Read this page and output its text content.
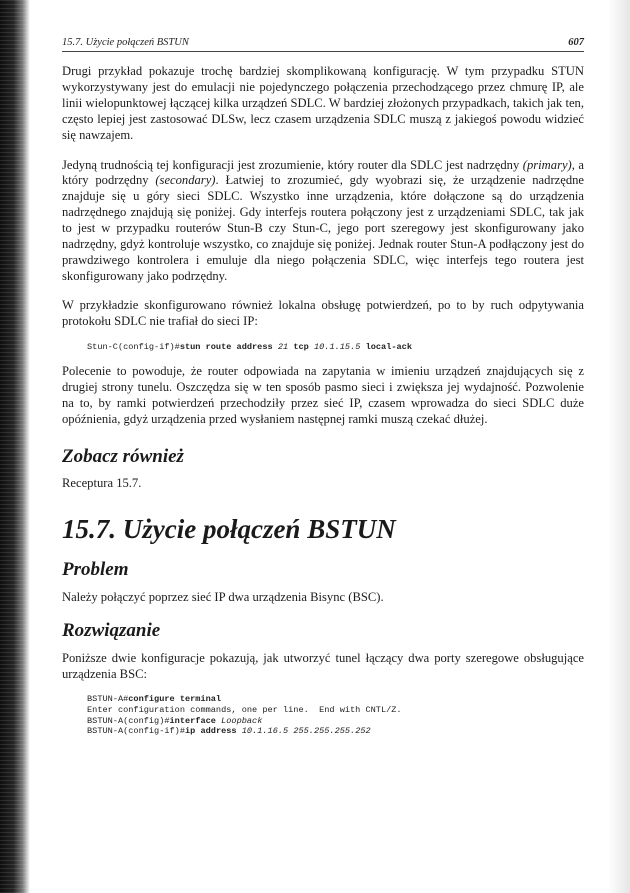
15.7. Użycie połączeń BSTUN	607

Drugi przykład pokazuje trochę bardziej skomplikowaną konfigurację. W tym przypadku STUN wykorzystywany jest do emulacji nie pojedynczego połączenia przechodzącego przez chmurę IP, ale linii wielopunktowej łączącej kilka urządzeń SDLC. W bardziej złożonych przypadkach, takich jak ten, często lepiej jest zastosować DLSw, lecz czasem urządzenia SDLC muszą z jakiegoś powodu widzieć się nawzajem.

Jedyną trudnością tej konfiguracji jest zrozumienie, który router dla SDLC jest nadrzędny (primary), a który podrzędny (secondary). Łatwiej to zrozumieć, gdy wyobrazi się, że urządzenie nadrzędne znajduje się u góry sieci SDLC. Wszystko inne urządzenia, które dołączone są do urządzenia nadrzędnego znajdują się poniżej. Gdy interfejs routera połączony jest z urządzeniami SDLC, tak jak to jest w przypadku routerów Stun-B czy Stun-C, jego port szeregowy jest skonfigurowany jako nadrzędny, gdyż kontroluje wszystko, co znajduje się poniżej. Jednak router Stun-A podłączony jest do prawdziwego kontrolera i emuluje dla niego połączenia SDLC, więc interfejs tego routera jest skonfigurowany jako podrzędny.

W przykładzie skonfigurowano również lokalna obsługę potwierdzeń, po to by ruch odpytywania protokołu SDLC nie trafiał do sieci IP:

Stun-C(config-if)#stun route address 21 tcp 10.1.15.5 local-ack

Polecenie to powoduje, że router odpowiada na zapytania w imieniu urządzeń znajdujących się z drugiej strony tunelu. Oszczędza się w ten sposób pasmo sieci i zwiększa jej wydajność. Pozwolenie na to, by ramki potwierdzeń przechodziły przez sieć IP, czasem wprowadza do sieci SDLC duże opóźnienia, gdyż urządzenia przed wysłaniem następnej ramki muszą czekać dłużej.

Zobacz również

Receptura 15.7.

15.7. Użycie połączeń BSTUN
Problem

Należy połączyć poprzez sieć IP dwa urządzenia Bisync (BSC).

Rozwiązanie

Poniższe dwie konfiguracje pokazują, jak utworzyć tunel łączący dwa porty szeregowe obsługujące urządzenia BSC:

BSTUN-A#configure terminal
Enter configuration commands, one per line.  End with CNTL/Z.
BSTUN-A(config)#interface Loopback
BSTUN-A(config-if)#ip address 10.1.16.5 255.255.255.252
